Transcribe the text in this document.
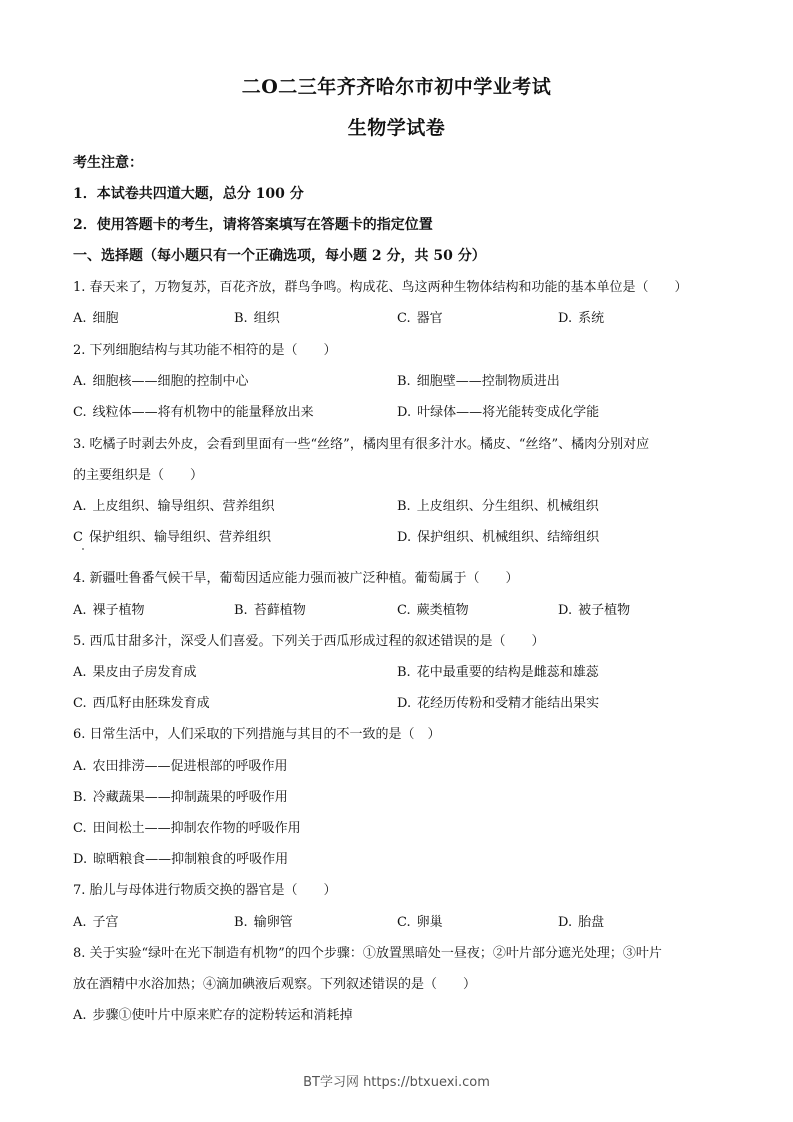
二O二三年齐齐哈尔市初中学业考试
生物学试卷
考生注意：
1．本试卷共四道大题，总分 100 分
2．使用答题卡的考生，请将答案填写在答题卡的指定位置
一、选择题（每小题只有一个正确选项，每小题 2 分，共 50 分）
1. 春天来了，万物复苏，百花齐放，群鸟争鸣。构成花、鸟这两种生物体结构和功能的基本单位是（　　）
A. 细胞	B. 组织	C. 器官	D. 系统
2. 下列细胞结构与其功能不相符的是（　　）
A. 细胞核——细胞的控制中心	B. 细胞壁——控制物质进出
C. 线粒体——将有机物中的能量释放出来	D. 叶绿体——将光能转变成化学能
3. 吃橘子时剥去外皮，会看到里面有一些“丝络”，橘肉里有很多汁水。橘皮、“丝络”、橘肉分别对应
的主要组织是（　　）
A. 上皮组织、输导组织、营养组织	B. 上皮组织、分生组织、机械组织
C 保护组织、输导组织、营养组织	D. 保护组织、机械组织、结缔组织
4. 新疆吐鲁番气候干旱，葡萄因适应能力强而被广泛种植。葡萄属于（　　）
A. 裸子植物	B. 苔藓植物	C. 蕨类植物	D. 被子植物
5. 西瓜甘甜多汁，深受人们喜爱。下列关于西瓜形成过程的叙述错误的是（　　）
A. 果皮由子房发育成	B. 花中最重要的结构是雌蕊和雄蕊
C. 西瓜籽由胚珠发育成	D. 花经历传粉和受精才能结出果实
6. 日常生活中，人们采取的下列措施与其目的不一致的是（　）
A. 农田排涝——促进根部的呼吸作用
B. 冷藏蔬果——抑制蔬果的呼吸作用
C. 田间松土——抑制农作物的呼吸作用
D. 晾晒粮食——抑制粮食的呼吸作用
7. 胎儿与母体进行物质交换的器官是（　　）
A. 子宫	B. 输卵管	C. 卵巢	D. 胎盘
8. 关于实验“绿叶在光下制造有机物”的四个步骤：①放置黑暗处一昼夜；②叶片部分遮光处理；③叶片
放在酒精中水浴加热；④滴加碘液后观察。下列叙述错误的是（　　）
A. 步骤①使叶片中原来贮存的淀粉转运和消耗掉
BT学习网 https://btxuexi.com
